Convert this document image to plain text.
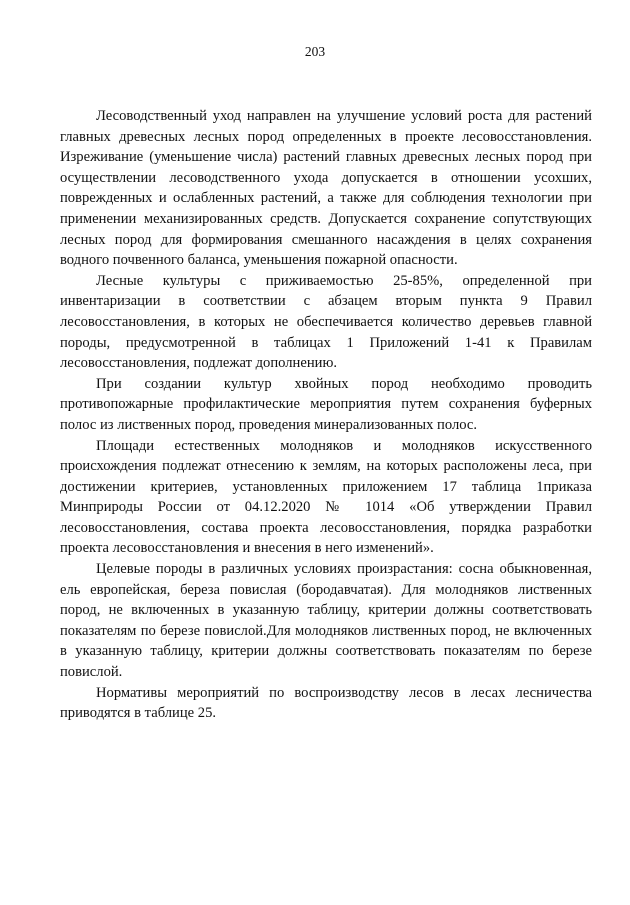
203

Лесоводственный уход направлен на улучшение условий роста для растений главных древесных лесных пород определенных в проекте лесовосстановления. Изреживание (уменьшение числа) растений главных древесных лесных пород при осуществлении лесоводственного ухода допускается в отношении усохших, поврежденных и ослабленных растений, а также для соблюдения технологии при применении механизированных средств. Допускается сохранение сопутствующих лесных пород для формирования смешанного насаждения в целях сохранения водного почвенного баланса, уменьшения пожарной опасности.

Лесные культуры с приживаемостью 25-85%, определенной при инвентаризации в соответствии с абзацем вторым пункта 9 Правил лесовосстановления, в которых не обеспечивается количество деревьев главной породы, предусмотренной в таблицах 1 Приложений 1-41 к Правилам лесовосстановления, подлежат дополнению.

При создании культур хвойных пород необходимо проводить противопожарные профилактические мероприятия путем сохранения буферных полос из лиственных пород, проведения минерализованных полос.

Площади естественных молодняков и молодняков искусственного происхождения подлежат отнесению к землям, на которых расположены леса, при достижении критериев, установленных приложением 17 таблица 1приказа Минприроды России от 04.12.2020 № 1014 «Об утверждении Правил лесовосстановления, состава проекта лесовосстановления, порядка разработки проекта лесовосстановления и внесения в него изменений».

Целевые породы в различных условиях произрастания: сосна обыкновенная, ель европейская, береза повислая (бородавчатая). Для молодняков лиственных пород, не включенных в указанную таблицу, критерии должны соответствовать показателям по березе повислой.Для молодняков лиственных пород, не включенных в указанную таблицу, критерии должны соответствовать показателям по березе повислой.

Нормативы мероприятий по воспроизводству лесов в лесах лесничества приводятся в таблице 25.
